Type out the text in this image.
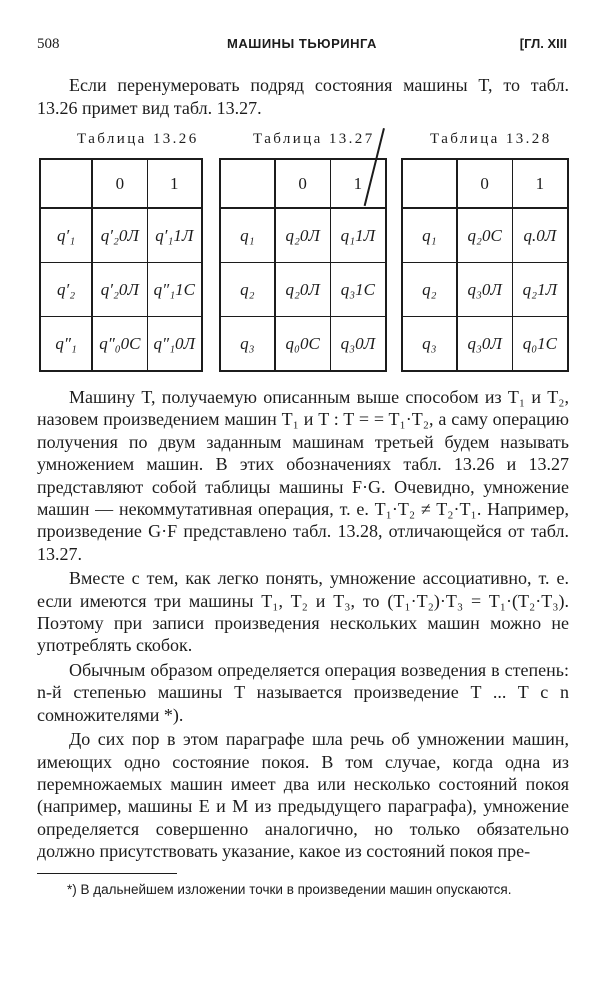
508	МАШИНЫ ТЬЮРИНГА	[ГЛ. XIII
Если перенумеровать подряд состояния машины T, то табл. 13.26 примет вид табл. 13.27.
Таблица 13.26	Таблица 13.27	Таблица 13.28
	0	1
q′₁	q′₂0Л	q′₁1Л
q′₂	q′₂0Л	q″₁1С
q″₁	q″₀0С	q″₁0Л
	0	1
q₁	q₂0Л	q₁1Л
q₂	q₂0Л	q₃1С
q₃	q₀0С	q₃0Л
	0	1
q₁	q₂0С	q.0Л
q₂	q₃0Л	q₂1Л
q₃	q₃0Л	q₀1С

Машину T, получаемую описанным выше способом из T₁ и T₂, назовем произведением машин T₁ и T : T = = T₁·T₂, а саму операцию получения по двум заданным машинам третьей будем называть умножением машин. В этих обозначениях табл. 13.26 и 13.27 представляют собой таблицы машины F·G. Очевидно, умножение машин — некоммутативная операция, т. е. T₁·T₂ ≠ T₂·T₁. Например, произведение G·F представлено табл. 13.28, отличающейся от табл. 13.27.

Вместе с тем, как легко понять, умножение ассоциативно, т. е. если имеются три машины T₁, T₂ и T₃, то (T₁·T₂)·T₃ = T₁·(T₂·T₃). Поэтому при записи произведения нескольких машин можно не употреблять скобок.

Обычным образом определяется операция возведения в степень: n-й степенью машины T называется произведение T ... T с n сомножителями *).

До сих пор в этом параграфе шла речь об умножении машин, имеющих одно состояние покоя. В том случае, когда одна из перемножаемых машин имеет два или несколько состояний покоя (например, машины E и M из предыдущего параграфа), умножение определяется совершенно аналогично, но только обязательно должно присутствовать указание, какое из состояний покоя пре-

*) В дальнейшем изложении точки в произведении машин опускаются.
